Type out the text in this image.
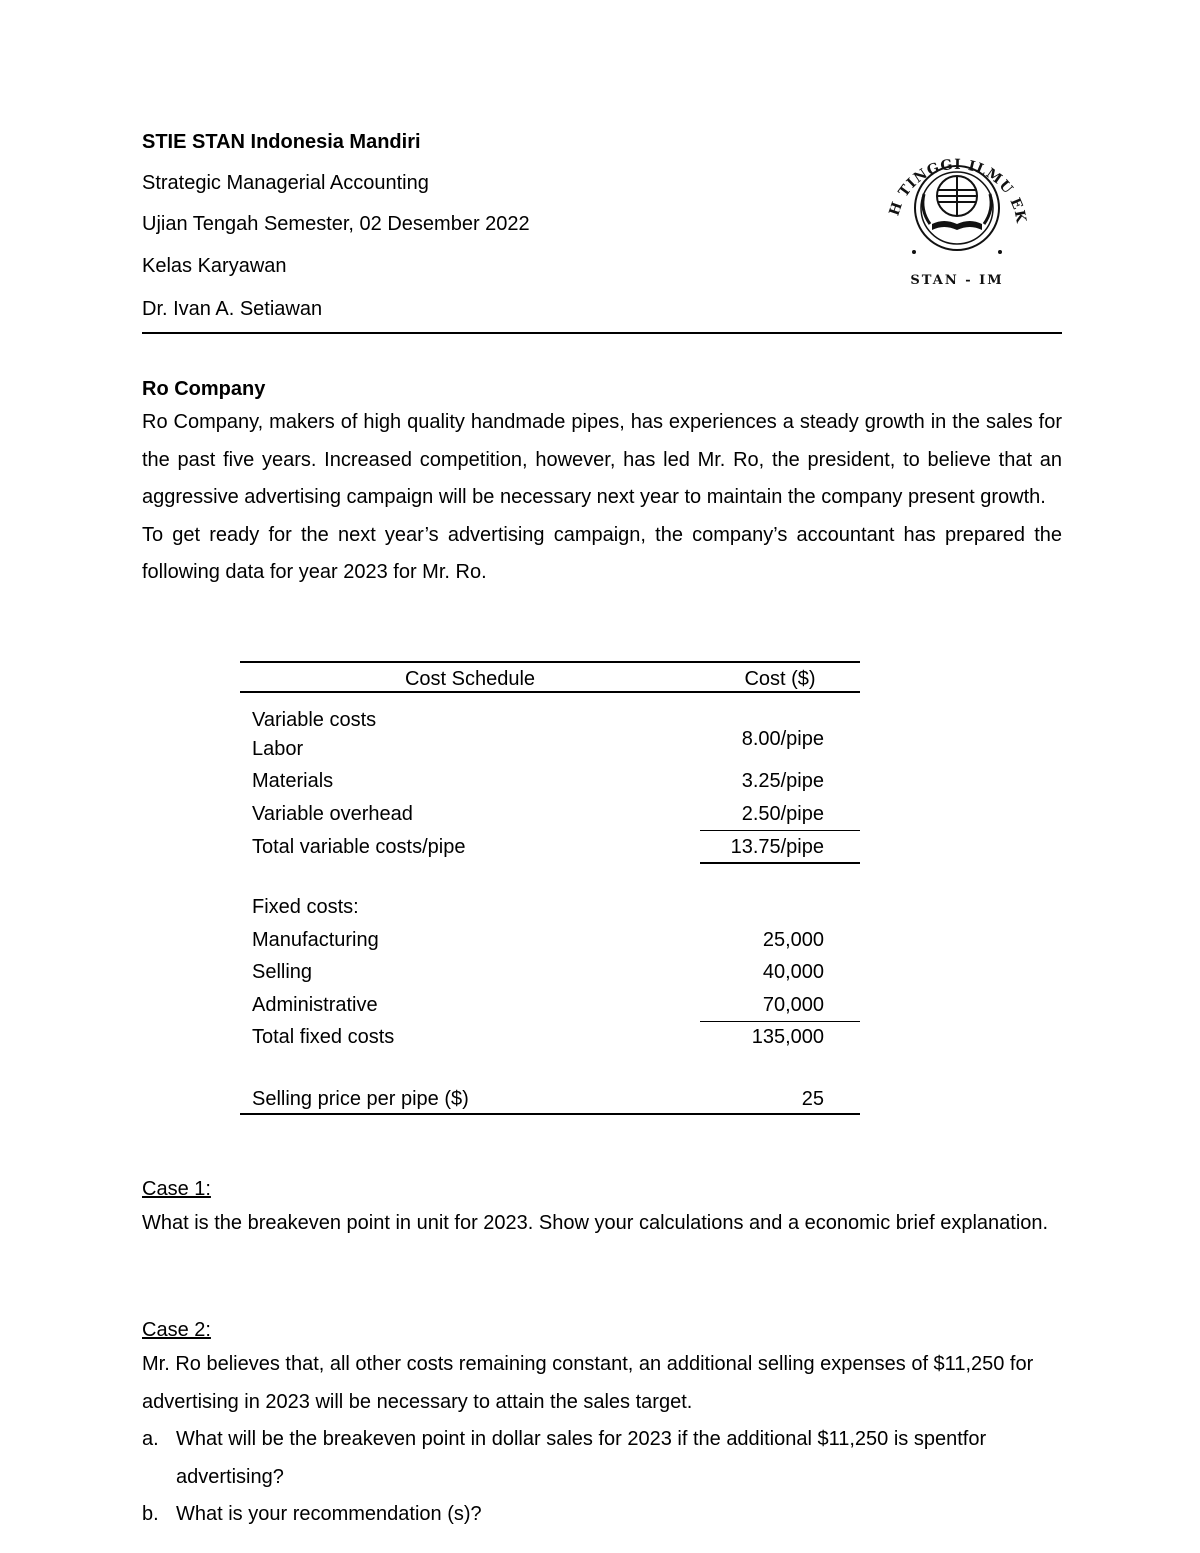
STIE STAN Indonesia Mandiri
Strategic Managerial Accounting
Ujian Tengah Semester, 02 Desember 2022
Kelas Karyawan
Dr. Ivan A. Setiawan
H TINGGI ILMU EK
STAN - IM
Ro Company

Ro Company, makers of high quality handmade pipes, has experiences a steady growth in the sales for the past five years. Increased competition, however, has led Mr. Ro, the president, to believe that an aggressive advertising campaign will be necessary next year to maintain the company present growth.

To get ready for the next year’s advertising campaign, the company’s accountant has prepared the following data for year 2023 for Mr. Ro.

Cost Schedule	Cost ($)
Variable costs
Labor	8.00/pipe
Materials	3.25/pipe
Variable overhead	2.50/pipe
Total variable costs/pipe	13.75/pipe
Fixed costs:
Manufacturing	25,000
Selling	40,000
Administrative	70,000
Total fixed costs	135,000
Selling price per pipe ($)	25
Case 1:

What is the breakeven point in unit for 2023. Show your calculations and a economic brief explanation.

Case 2:

Mr. Ro believes that, all other costs remaining constant, an additional selling expenses of $11,250 for advertising in 2023 will be necessary to attain the sales target.

a. What will be the breakeven point in dollar sales for 2023 if the additional $11,250 is spentfor advertising?
b. What is your recommendation (s)?
